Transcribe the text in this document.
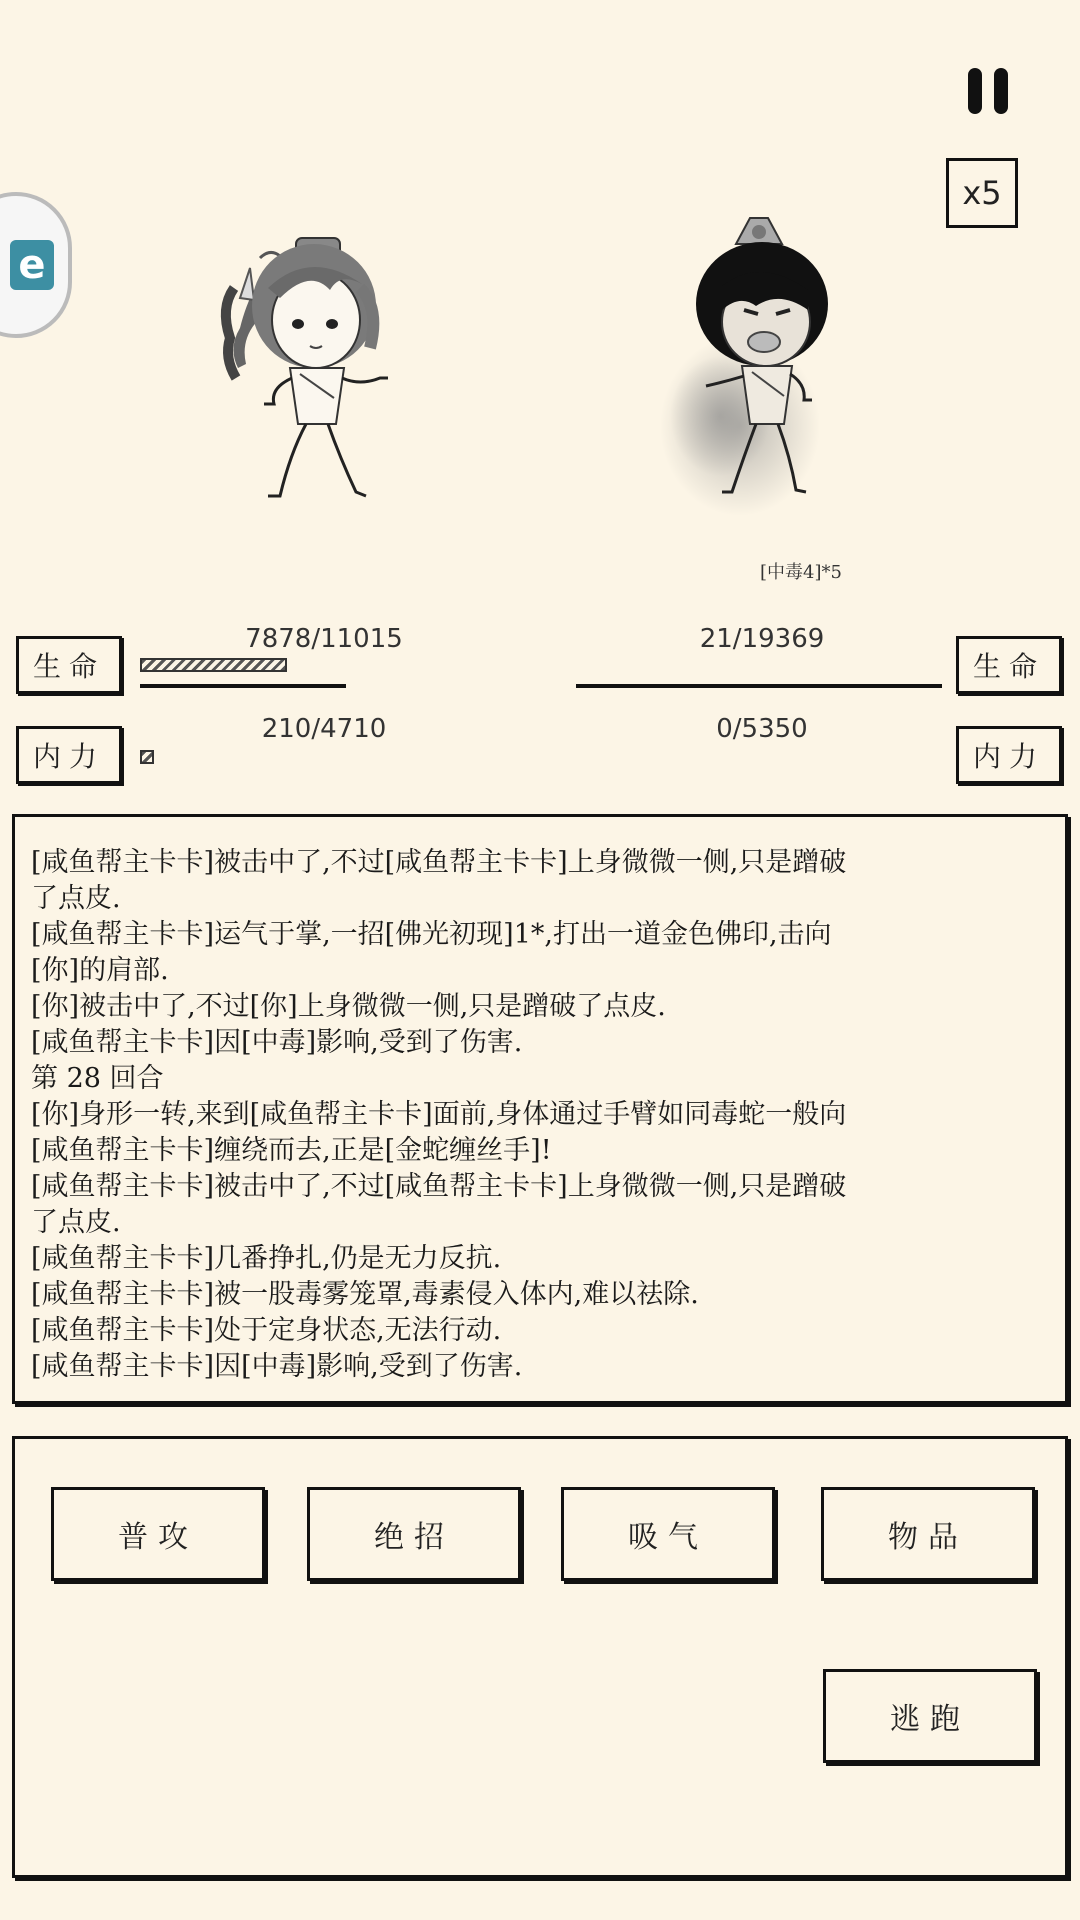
x5
e
[中毒4]*5
生命
7878/11015
内力
210/4710
生命
21/19369
内力
0/5350
[咸鱼帮主卡卡]被击中了,不过[咸鱼帮主卡卡]上身微微一侧,只是蹭破
了点皮.
[咸鱼帮主卡卡]运气于掌,一招[佛光初现]1*,打出一道金色佛印,击向
[你]的肩部.
[你]被击中了,不过[你]上身微微一侧,只是蹭破了点皮.
[咸鱼帮主卡卡]因[中毒]影响,受到了伤害.
第 28 回合
[你]身形一转,来到[咸鱼帮主卡卡]面前,身体通过手臂如同毒蛇一般向
[咸鱼帮主卡卡]缠绕而去,正是[金蛇缠丝手]!
[咸鱼帮主卡卡]被击中了,不过[咸鱼帮主卡卡]上身微微一侧,只是蹭破
了点皮.
[咸鱼帮主卡卡]几番挣扎,仍是无力反抗.
[咸鱼帮主卡卡]被一股毒雾笼罩,毒素侵入体内,难以祛除.
[咸鱼帮主卡卡]处于定身状态,无法行动.
[咸鱼帮主卡卡]因[中毒]影响,受到了伤害.
普攻	绝招	吸气	物品
逃跑
